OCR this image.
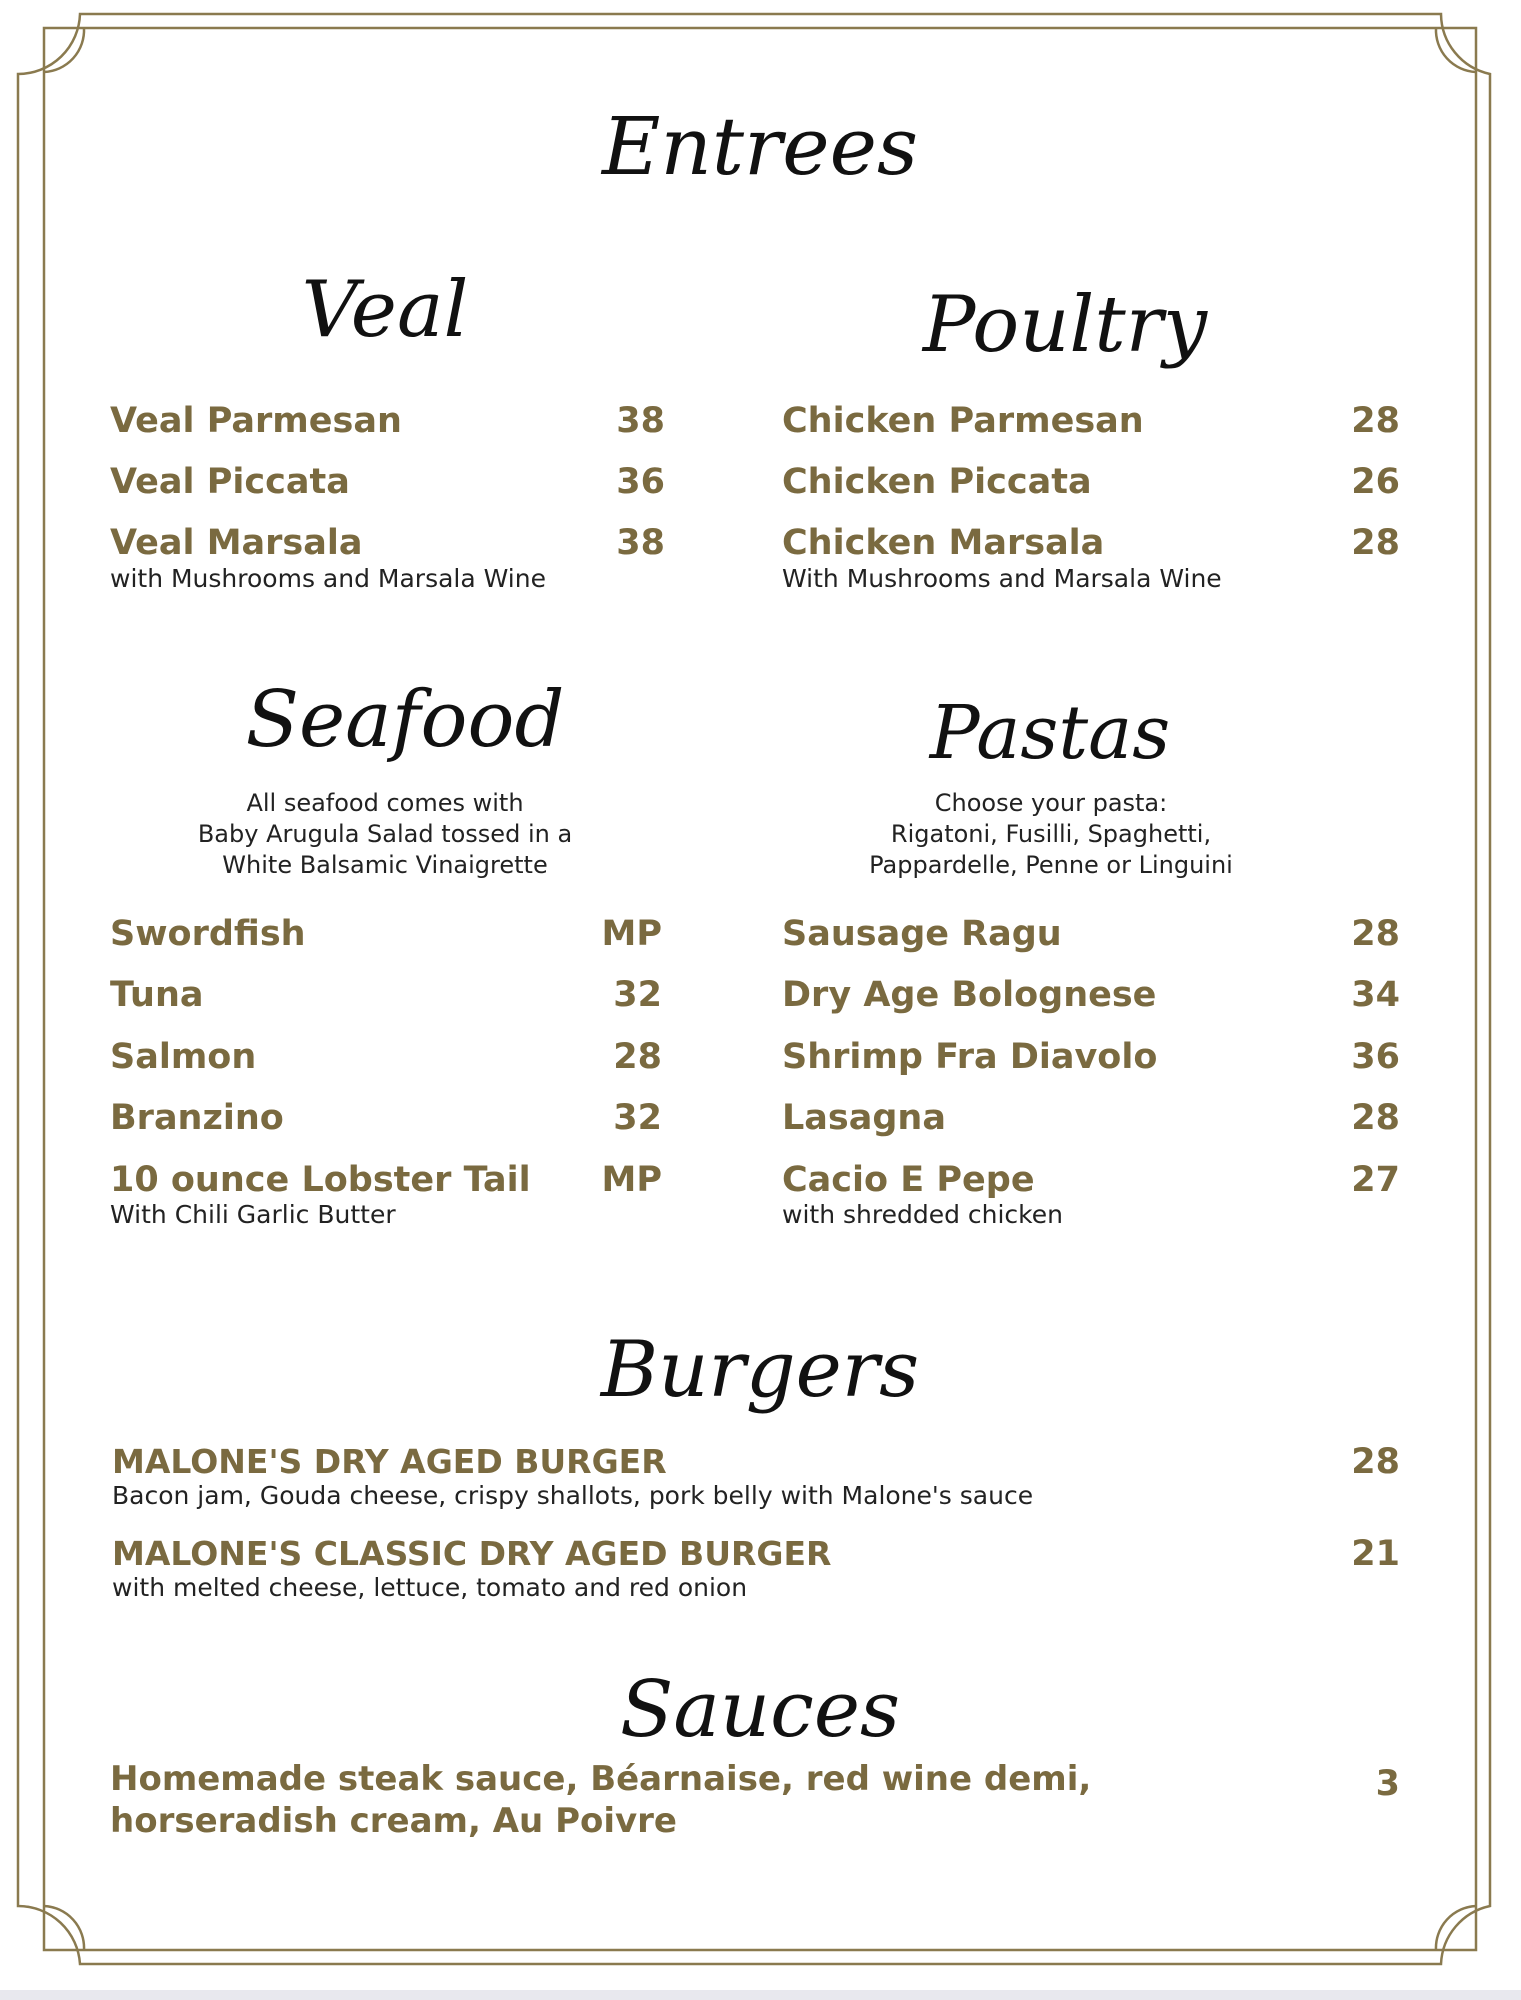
Entrees
Veal
Veal Parmesan	38
Veal Piccata	36
Veal Marsala	38
with Mushrooms and Marsala Wine
Poultry
Chicken Parmesan	28
Chicken Piccata	26
Chicken Marsala	28
With Mushrooms and Marsala Wine
Seafood
All seafood comes with
Baby Arugula Salad tossed in a
White Balsamic Vinaigrette
Swordfish	MP
Tuna	32
Salmon	28
Branzino	32
10 ounce Lobster Tail	MP
With Chili Garlic Butter
Pastas
Choose your pasta:
Rigatoni, Fusilli, Spaghetti,
Pappardelle, Penne or Linguini
Sausage Ragu	28
Dry Age Bolognese	34
Shrimp Fra Diavolo	36
Lasagna	28
Cacio E Pepe	27
with shredded chicken
Burgers
MALONE'S DRY AGED BURGER	28
Bacon jam, Gouda cheese, crispy shallots, pork belly with Malone's sauce
MALONE'S CLASSIC DRY AGED BURGER	21
with melted cheese, lettuce, tomato and red onion
Sauces
Homemade steak sauce, Béarnaise, red wine demi,
horseradish cream, Au Poivre
3
